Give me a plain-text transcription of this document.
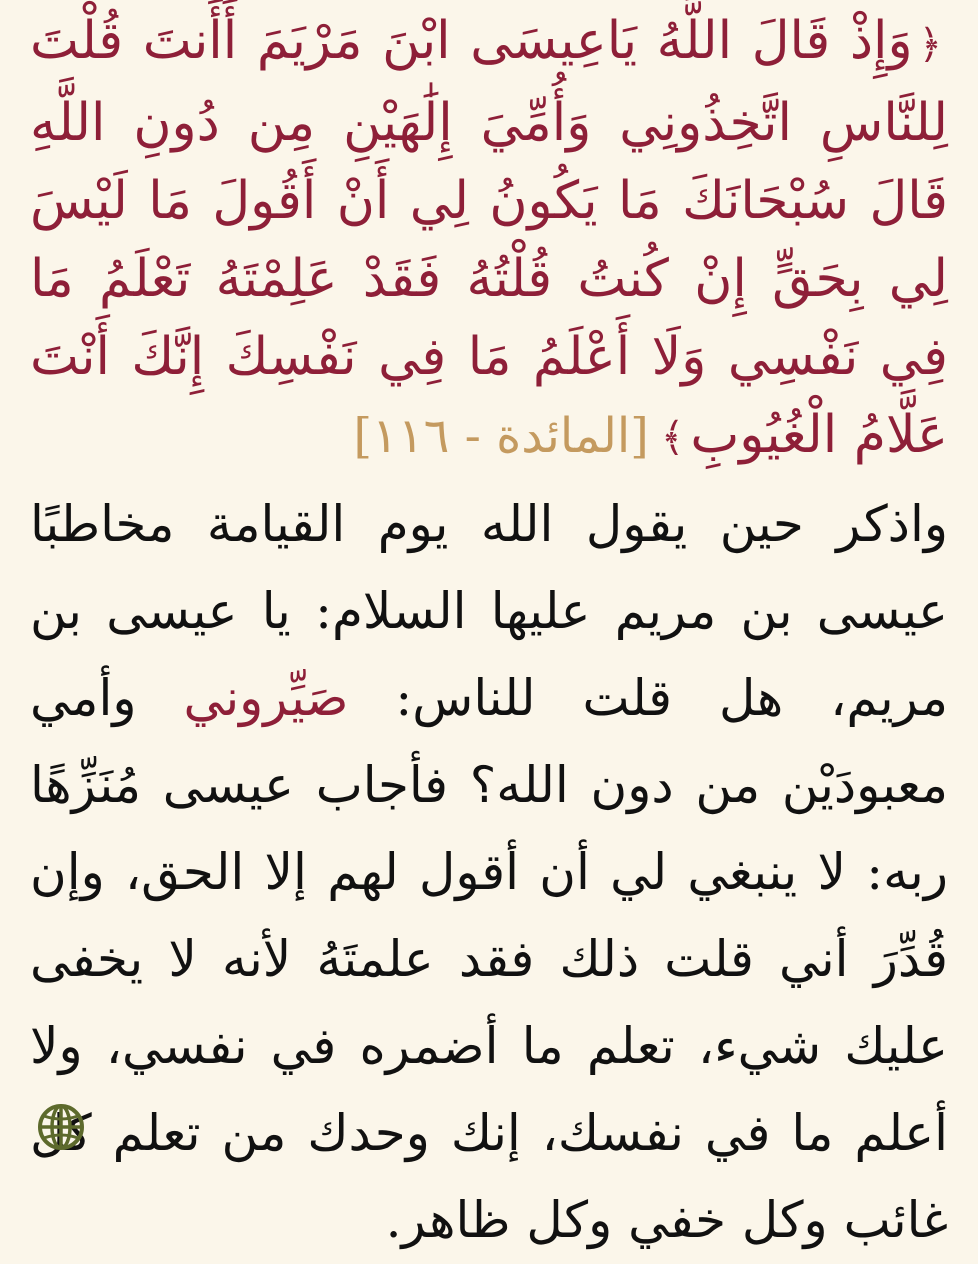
﴿وَإِذْ قَالَ اللَّهُ يَاعِيسَى ابْنَ مَرْيَمَ أَأَنتَ قُلْتَ لِلنَّاسِ اتَّخِذُونِي وَأُمِّيَ إِلَٰهَيْنِ مِن دُونِ اللَّهِ قَالَ سُبْحَانَكَ مَا يَكُونُ لِي أَنْ أَقُولَ مَا لَيْسَ لِي بِحَقٍّ إِنْ كُنتُ قُلْتُهُ فَقَدْ عَلِمْتَهُ تَعْلَمُ مَا فِي نَفْسِي وَلَا أَعْلَمُ مَا فِي نَفْسِكَ إِنَّكَ أَنْتَ عَلَّامُ الْغُيُوبِ﴾[المائدة - ١١٦]
واذكر حين يقول الله يوم القيامة مخاطبًا عيسى بن مريم عليها السلام: يا عيسى بن مريم، هل قلت للناس: صَيِّروني وأمي معبودَيْن من دون الله؟ فأجاب عيسى مُنَزِّهًا ربه: لا ينبغي لي أن أقول لهم إلا الحق، وإن قُدِّرَ أني قلت ذلك فقد علمتَهُ لأنه لا يخفى عليك شيء، تعلم ما أضمره في نفسي، ولا أعلم ما في نفسك، إنك وحدك من تعلم كل غائب وكل خفي وكل ظاهر.
